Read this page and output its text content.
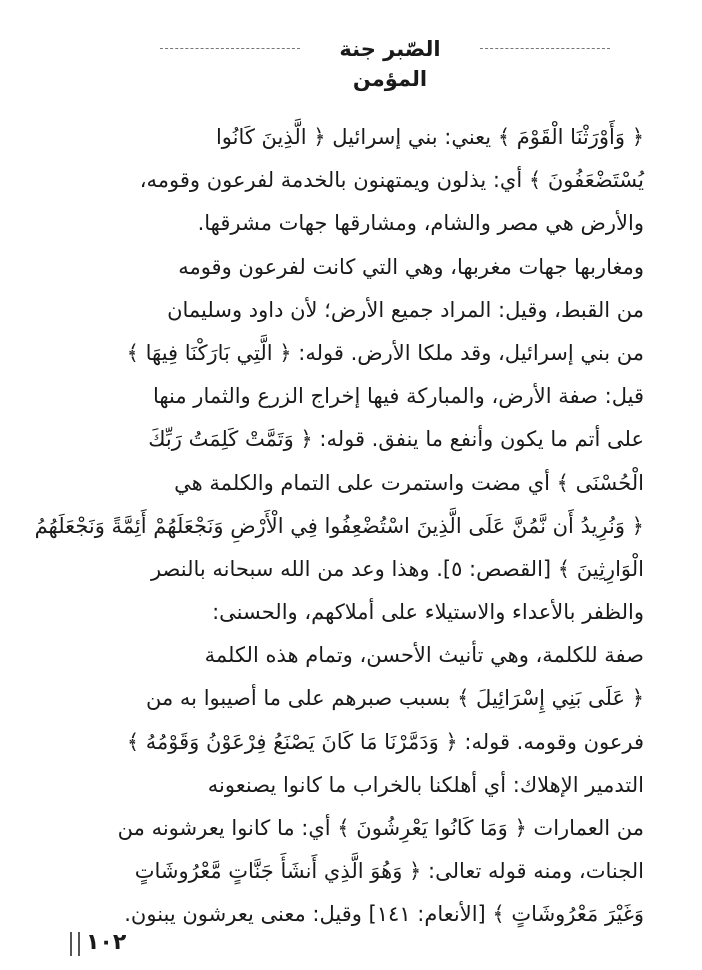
الصّبر جنة المؤمن
﴿ وَأَوْرَثْنَا الْقَوْمَ ﴾ يعني: بني إسرائيل ﴿ الَّذِينَ كَانُوا
يُسْتَضْعَفُونَ ﴾ أي: يذلون ويمتهنون بالخدمة لفرعون وقومه،
والأرض هي مصر والشام، ومشارقها جهات مشرقها.
ومغاربها جهات مغربها، وهي التي كانت لفرعون وقومه
من القبط، وقيل: المراد جميع الأرض؛ لأن داود وسليمان
من بني إسرائيل، وقد ملكا الأرض. قوله: ﴿ الَّتِي بَارَكْنَا فِيهَا ﴾
قيل: صفة الأرض، والمباركة فيها إخراج الزرع والثمار منها
على أتم ما يكون وأنفع ما ينفق. قوله: ﴿ وَتَمَّتْ كَلِمَتُ رَبِّكَ
الْحُسْنَى ﴾ أي مضت واستمرت على التمام والكلمة هي
﴿ وَنُرِيدُ أَن نَّمُنَّ عَلَى الَّذِينَ اسْتُضْعِفُوا فِي الْأَرْضِ وَنَجْعَلَهُمْ أَئِمَّةً وَنَجْعَلَهُمُ
الْوَارِثِينَ ﴾ [القصص: ٥]. وهذا وعد من الله سبحانه بالنصر
والظفر بالأعداء والاستيلاء على أملاكهم، والحسنى:
صفة للكلمة، وهي تأنيث الأحسن، وتمام هذه الكلمة
﴿ عَلَى بَنِي إِسْرَائِيلَ ﴾ بسبب صبرهم على ما أصيبوا به من
فرعون وقومه. قوله: ﴿ وَدَمَّرْنَا مَا كَانَ يَصْنَعُ فِرْعَوْنُ وَقَوْمُهُ ﴾
التدمير الإهلاك: أي أهلكنا بالخراب ما كانوا يصنعونه
من العمارات ﴿ وَمَا كَانُوا يَعْرِشُونَ ﴾ أي: ما كانوا يعرشونه من
الجنات، ومنه قوله تعالى: ﴿ وَهُوَ الَّذِي أَنشَأَ جَنَّاتٍ مَّعْرُوشَاتٍ
وَغَيْرَ مَعْرُوشَاتٍ ﴾ [الأنعام: ١٤١] وقيل: معنى يعرشون يبنون.
١٠٢
